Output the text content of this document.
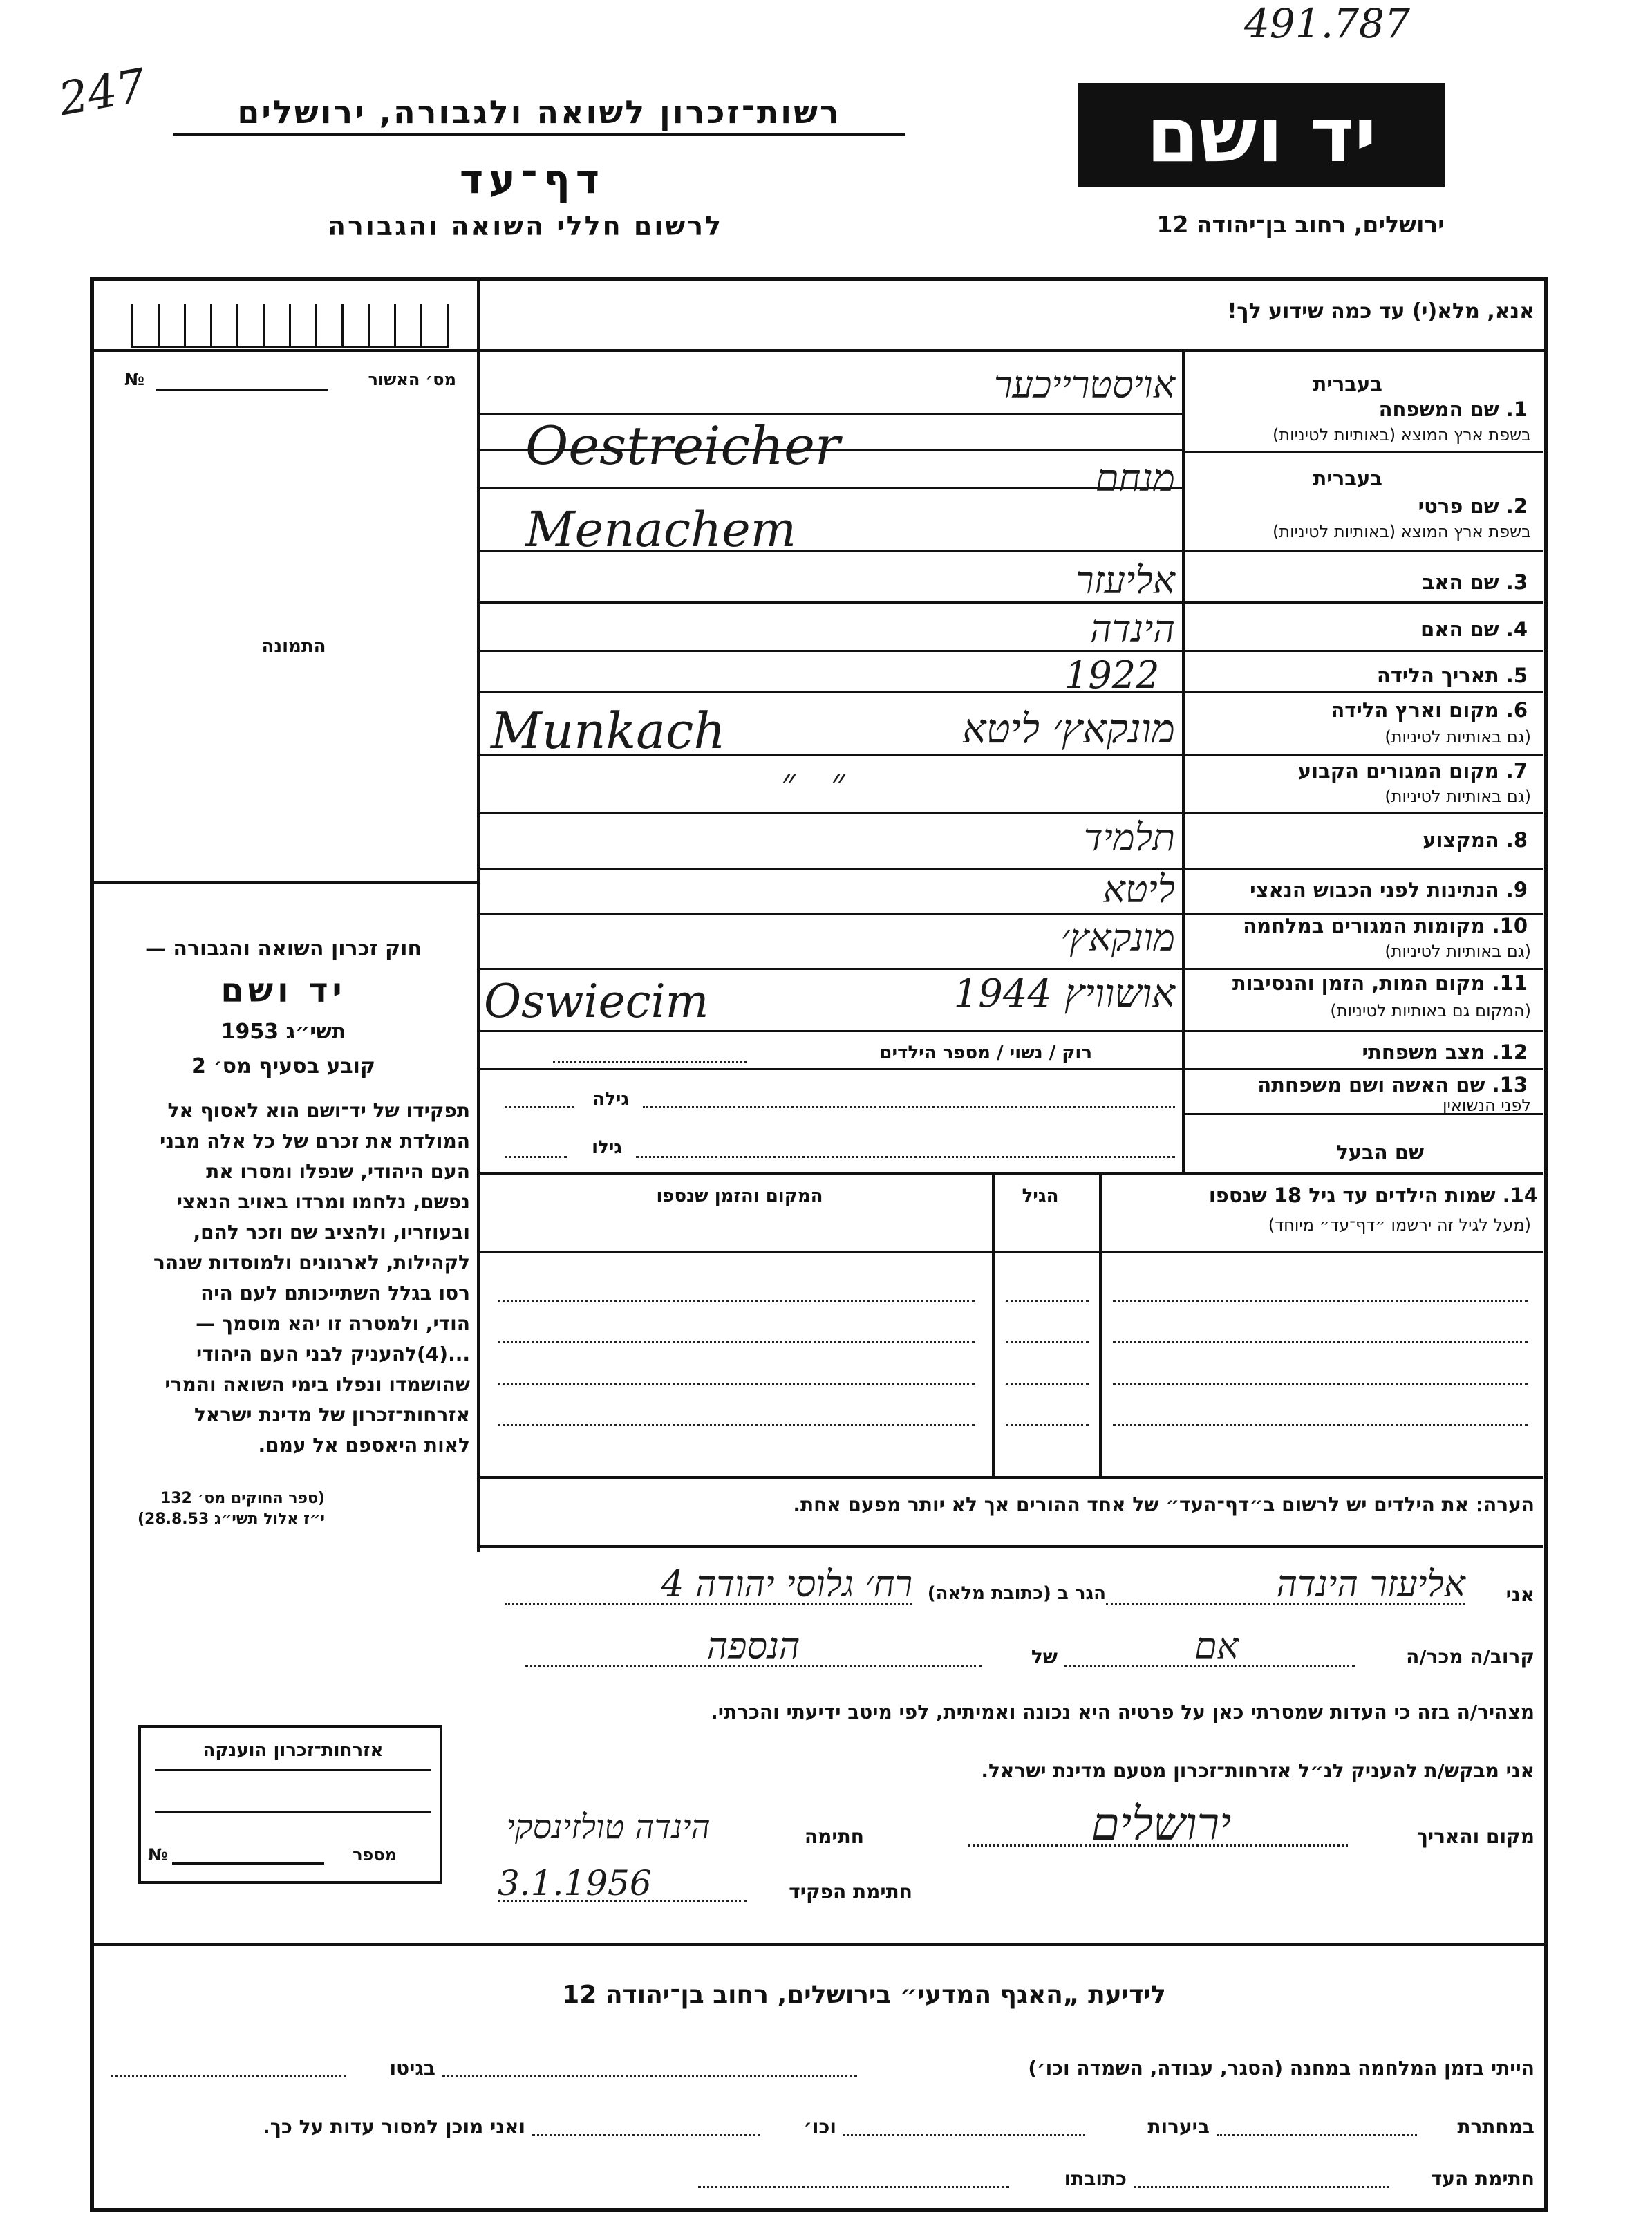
247
491.787
רשות־זכרון לשואה ולגבורה, ירושלים
דף־עד
לרשום חללי השואה והגבורה
יד ושם
ירושלים, רחוב בן־יהודה 12
אנא, מלא(י) עד כמה שידוע לך!
מס׳ האשור
№
התמונה
חוק זכרון השואה והגבורה —
יד ושם
תשי״ג 1953
קובע בסעיף מס׳ 2
תפקידו של יד־ושם הוא לאסוף אל
המולדת את זכרם של כל אלה מבני
העם היהודי, שנפלו ומסרו את
נפשם, נלחמו ומרדו באויב הנאצי
ובעוזריו, ולהציב שם וזכר להם,
לקהילות, לארגונים ולמוסדות שנהר
רסו בגלל השתייכותם לעם היה
הודי, ולמטרה זו יהא מוסמך —
...(4)להעניק לבני העם היהודי
שהושמדו ונפלו בימי השואה והמרי
אזרחות־זכרון של מדינת ישראל
לאות היאספם אל עמם.
(ספר החוקים מס׳ 132
י״ז אלול תשי״ג 28.8.53)
בעברית
1. שם המשפחה
בשפת ארץ המוצא (באותיות לטיניות)
אויסטרייכער
Oestreicher
בעברית
2. שם פרטי
בשפת ארץ המוצא (באותיות לטיניות)
מנחם
Menachem
3. שם האב
אליעזר
4. שם האם
הינדה
5. תאריך הלידה
1922
6. מקום וארץ הלידה
(גם באותיות לטיניות)
מונקאץ׳ ליטא
Munkach
7. מקום המגורים הקבוע
(גם באותיות לטיניות)
״   ״
8. המקצוע
תלמיד
9. הנתינות לפני הכבוש הנאצי
ליטא
10. מקומות המגורים במלחמה
(גם באותיות לטיניות)
מונקאץ׳
11. מקום המות, הזמן והנסיבות
(המקום גם באותיות לטיניות)
אושוויץ 1944
Oswiecim
12. מצב משפחתי
רוק / נשוי / מספר הילדים
13. שם האשה ושם משפחתה
לפני הנשואין
גילה
שם הבעל
גילו
14. שמות הילדים עד גיל 18 שנספו
(מעל לגיל זה ירשמו ״דף־עד״ מיוחד)
הגיל
המקום והזמן שנספו
הערה: את הילדים יש לרשום ב״דף־העד״ של אחד ההורים אך לא יותר מפעם אחת.
אני
אליעזר הינדה
הגר ב (כתובת מלאה)
רח׳ גלוסי יהודה 4
קרוב/ה מכר/ה
אם
של
הנספה
מצהיר/ה בזה כי העדות שמסרתי כאן על פרטיה היא נכונה ואמיתית, לפי מיטב ידיעתי והכרתי.
אני מבקש/ת להעניק לנ״ל אזרחות־זכרון מטעם מדינת ישראל.
מקום והאריך
ירושלים
חתימה
הינדה טולזינסקי
חתימת הפקיד
3.1.1956
אזרחות־זכרון הוענקה
מספר
№
לידיעת „האגף המדעי״ בירושלים, רחוב בן־יהודה 12
הייתי בזמן המלחמה במחנה (הסגר, עבודה, השמדה וכו׳)
בגיטו
במחתרת
ביערות
וכו׳
ואני מוכן למסור עדות על כך.
חתימת העד
כתובתו
